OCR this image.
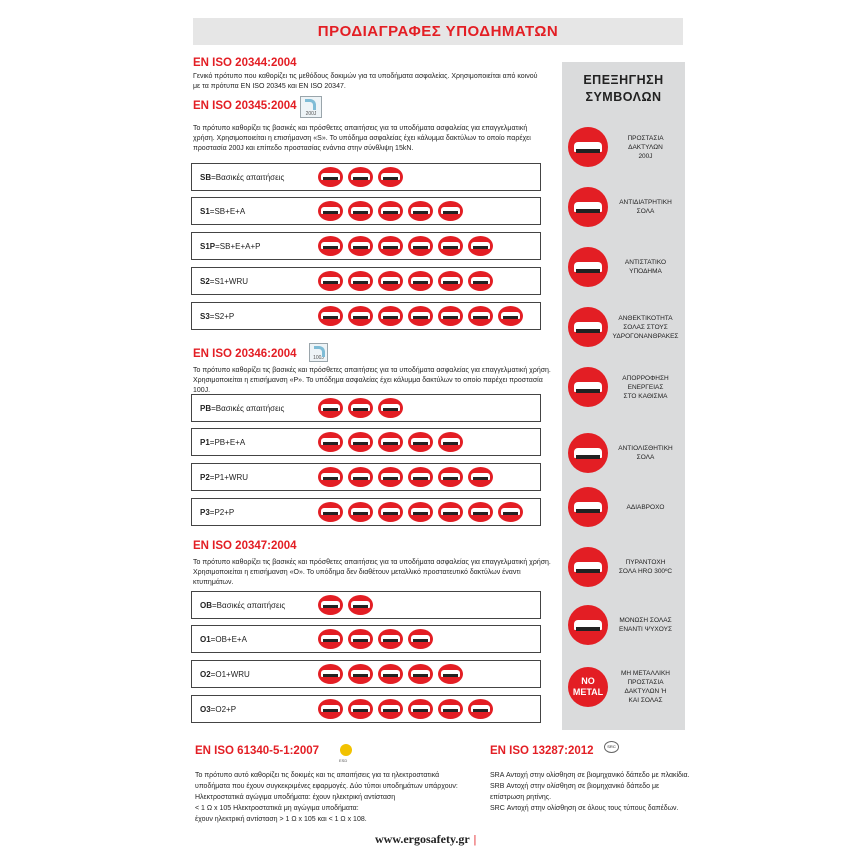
ΠΡΟΔΙΑΓΡΑΦΕΣ ΥΠΟΔΗΜΑΤΩΝ
EN ISO 20344:2004
Γενικό πρότυπο που καθορίζει τις μεθόδους δοκιμών για τα υποδήματα ασφαλείας. Χρησιμοποιείται από κοινού
με τα πρότυπα EN ISO 20345 και EN ISO 20347.
EN ISO 20345:2004
200J
Το πρότυπο καθορίζει τις βασικές και πρόσθετες απαιτήσεις για τα υποδήματα ασφαλείας για επαγγελματική
χρήση. Χρησιμοποιείται η επισήμανση «S». Το υπόδημα ασφαλείας έχει κάλυμμα δακτύλων το οποίο παρέχει
προστασία 200J και επίπεδο προστασίας ενάντια στην σύνθλιψη 15kN.
EN ISO 20346:2004	100J
Το πρότυπο καθορίζει τις βασικές και πρόσθετες απαιτήσεις για τα υποδήματα ασφαλείας για επαγγελματική χρήση.
Χρησιμοποιείται η επισήμανση «P». Το υπόδημα ασφαλείας έχει κάλυμμα δακτύλων το οποίο παρέχει προστασία 100J.
EN ISO 20347:2004
Το πρότυπο καθορίζει τις βασικές και πρόσθετες απαιτήσεις για τα υποδήματα ασφαλείας για επαγγελματική χρήση.
Χρησιμοποιείται η επισήμανση «Ο». Το υπόδημα δεν διαθέτουν μεταλλικό προστατευτικό δακτύλων έναντι
κτυπημάτων.
SB=Βασικές απαιτήσεις
S1=SB+E+A
S1P=SB+E+A+P
S2=S1+WRU
S3=S2+P
PB=Βασικές απαιτήσεις
P1=PB+E+A
P2=P1+WRU
P3=P2+P
OB=Βασικές απαιτήσεις
O1=OB+E+A
O2=O1+WRU
O3=O2+P
ΕΠΕΞΗΓΗΣΗ
ΣΥΜΒΟΛΩΝ
ΠΡΟΣΤΑΣΙΑ
ΔΑΚΤΥΛΩΝ
200J
ΑΝΤΙΔΙΑΤΡΗΤΙΚΗ
ΣΟΛΑ
ΑΝΤΙΣΤΑΤΙΚΟ
ΥΠΟΔΗΜΑ
ΑΝΘΕΚΤΙΚΟΤΗΤΑ
ΣΟΛΑΣ ΣΤΟΥΣ
ΥΔΡΟΓΟΝΑΝΘΡΑΚΕΣ
ΑΠΟΡΡΟΦΗΣΗ
ΕΝΕΡΓΕΙΑΣ
ΣΤΟ ΚΑΘΙΣΜΑ
ΑΝΤΙΟΛΙΣΘΗΤΙΚΗ
ΣΟΛΑ
ΑΔΙΑΒΡΟΧΟ
ΠΥΡΑΝΤΟΧΗ
ΣΟΛΑ HRO 300ºC
ΜΟΝΩΣΗ ΣΟΛΑΣ
ΕΝΑΝΤΙ ΨΥΧΟΥΣ
NO
METAL
ΜΗ ΜΕΤΑΛΛΙΚΗ
ΠΡΟΣΤΑΣΙΑ
ΔΑΚΤΥΛΩΝ Ή
ΚΑΙ ΣΟΛΑΣ
EN ISO 61340-5-1:2007
ESD
Το πρότυπο αυτό καθορίζει τις δοκιμές και τις απαιτήσεις για τα ηλεκτροστατικά
υποδήματα που έχουν συγκεκριμένες εφαρμογές. Δύο τύποι υποδημάτων υπάρχουν:
Ηλεκτροστατικά αγώγιμα υποδήματα: έχουν ηλεκτρική αντίσταση
< 1 Ω x 105 Ηλεκτροστατικά μη αγώγιμα υποδήματα:
έχουν ηλεκτρική αντίσταση > 1 Ω x 105 και < 1 Ω x 108.
EN ISO 13287:2012	SRC
SRA Αντοχή στην ολίσθηση σε βιομηχανικό δάπεδο με πλακίδια.
SRB Αντοχή στην ολίσθηση σε βιομηχανικό δάπεδο με
επίστρωση ρητίνης.
SRC Αντοχή στην ολίσθηση σε όλους τους τύπους δαπέδων.
www.ergosafety.gr |
